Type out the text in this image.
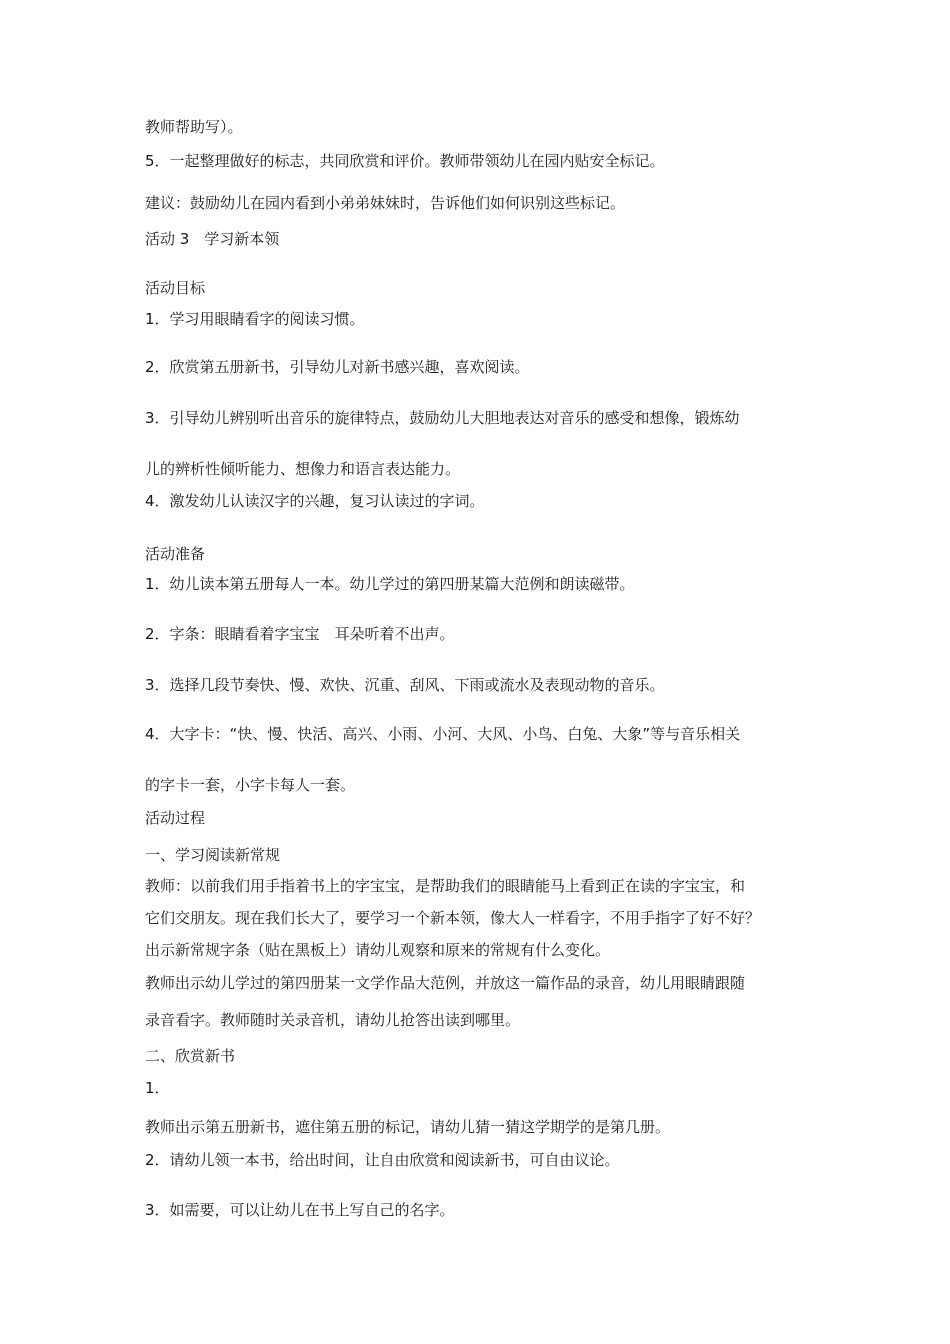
教师帮助写）。

5．一起整理做好的标志，共同欣赏和评价。教师带领幼儿在园内贴安全标记。

建议：鼓励幼儿在园内看到小弟弟妹妹时，告诉他们如何识别这些标记。

活动 3　学习新本领

活动目标

1．学习用眼睛看字的阅读习惯。

2．欣赏第五册新书，引导幼儿对新书感兴趣，喜欢阅读。

3．引导幼儿辨别听出音乐的旋律特点，鼓励幼儿大胆地表达对音乐的感受和想像，锻炼幼

儿的辨析性倾听能力、想像力和语言表达能力。

4．激发幼儿认读汉字的兴趣，复习认读过的字词。

活动准备

1．幼儿读本第五册每人一本。幼儿学过的第四册某篇大范例和朗读磁带。

2．字条：眼睛看着字宝宝　耳朵听着不出声。

3．选择几段节奏快、慢、欢快、沉重、刮风、下雨或流水及表现动物的音乐。

4．大字卡：“快、慢、快活、高兴、小雨、小河、大风、小鸟、白兔、大象”等与音乐相关

的字卡一套，小字卡每人一套。

活动过程

一、学习阅读新常规

教师：以前我们用手指着书上的字宝宝，是帮助我们的眼睛能马上看到正在读的字宝宝，和

它们交朋友。现在我们长大了，要学习一个新本领，像大人一样看字，不用手指字了好不好？

出示新常规字条（贴在黑板上）请幼儿观察和原来的常规有什么变化。

教师出示幼儿学过的第四册某一文学作品大范例，并放这一篇作品的录音，幼儿用眼睛跟随

录音看字。教师随时关录音机，请幼儿抢答出读到哪里。

二、欣赏新书

1．

教师出示第五册新书，遮住第五册的标记，请幼儿猜一猜这学期学的是第几册。

2．请幼儿领一本书，给出时间，让自由欣赏和阅读新书，可自由议论。

3．如需要，可以让幼儿在书上写自己的名字。
